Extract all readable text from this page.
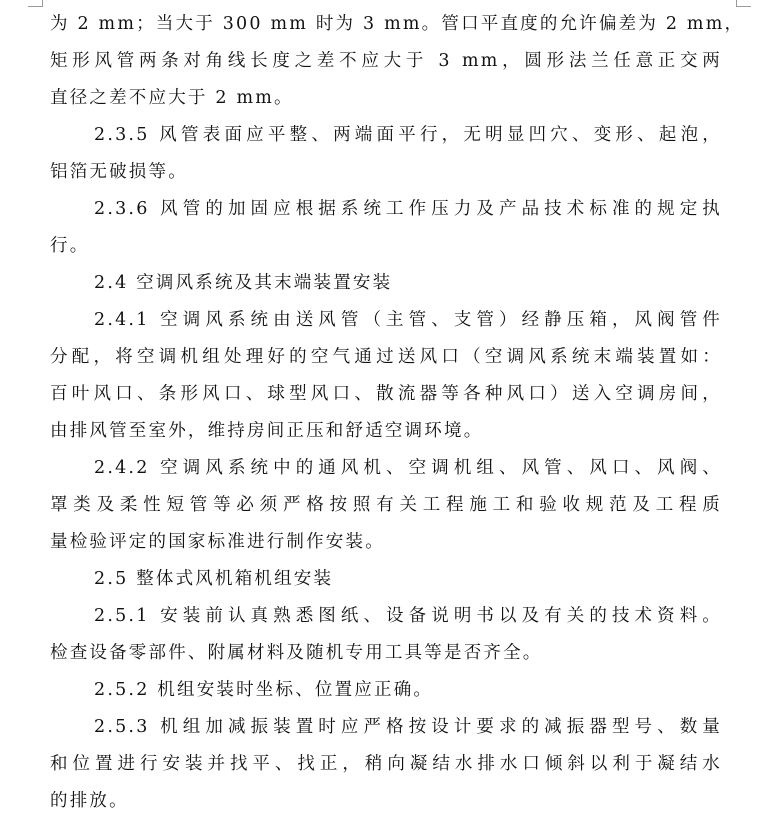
为 2 mm；当大于 300 mm 时为 3 mm。管口平直度的允许偏差为 2 mm，
矩形风管两条对角线长度之差不应大于 3 mm，圆形法兰任意正交两
直径之差不应大于 2 mm。
2.3.5 风管表面应平整、两端面平行，无明显凹穴、变形、起泡，
铝箔无破损等。
2.3.6 风管的加固应根据系统工作压力及产品技术标准的规定执
行。
2.4 空调风系统及其末端装置安装
2.4.1 空调风系统由送风管（主管、支管）经静压箱，风阀管件
分配，将空调机组处理好的空气通过送风口（空调风系统末端装置如：
百叶风口、条形风口、球型风口、散流器等各种风口）送入空调房间，
由排风管至室外，维持房间正压和舒适空调环境。
2.4.2 空调风系统中的通风机、空调机组、风管、风口、风阀、
罩类及柔性短管等必须严格按照有关工程施工和验收规范及工程质
量检验评定的国家标准进行制作安装。
2.5 整体式风机箱机组安装
2.5.1 安装前认真熟悉图纸、设备说明书以及有关的技术资料。
检查设备零部件、附属材料及随机专用工具等是否齐全。
2.5.2 机组安装时坐标、位置应正确。
2.5.3 机组加减振装置时应严格按设计要求的减振器型号、数量
和位置进行安装并找平、找正，稍向凝结水排水口倾斜以利于凝结水
的排放。
